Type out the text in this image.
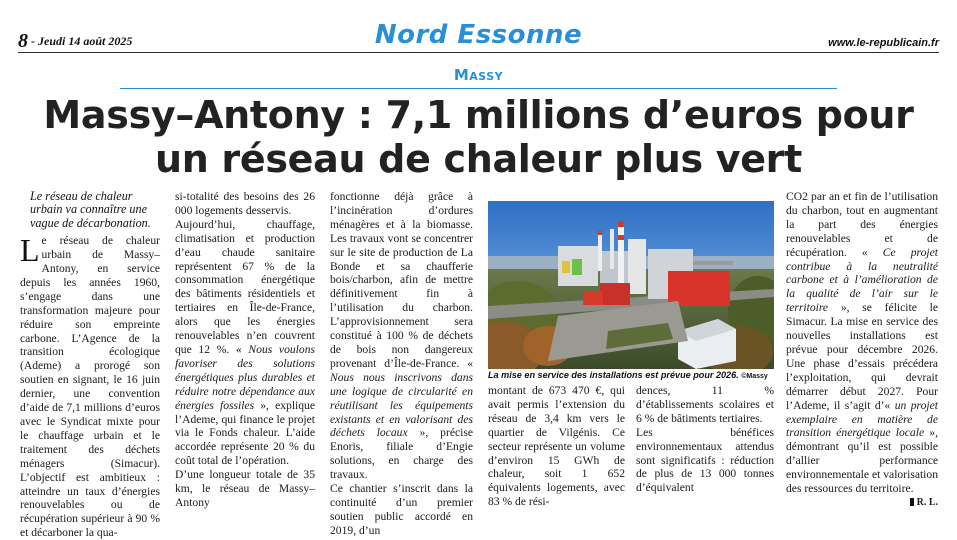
8 - Jeudi 14 août 2025	Nord Essonne	www.le-republicain.fr
Massy
Massy–Antony : 7,1 millions d’euros pour
un réseau de chaleur plus vert

Le réseau de chaleur urbain va connaître une vague de décarbonation.

Le réseau de chaleur urbain de Massy–Antony, en service depuis les années 1960, s’engage dans une transformation majeure pour réduire son empreinte carbone. L’Agence de la transition écologique (Ademe) a prorogé son soutien en signant, le 16 juin dernier, une convention d’aide de 7,1 millions d’euros avec le Syndicat mixte pour le chauffage urbain et le traitement des déchets ménagers (Simacur). L’objectif est ambitieux : atteindre un taux d’énergies renouvelables ou de récupération supérieur à 90 % et décarboner la qua-

si-totalité des besoins des 26 000 logements desservis.

Aujourd’hui, chauffage, climatisation et production d’eau chaude sanitaire représentent 67 % de la consommation énergétique des bâtiments résidentiels et tertiaires en Île-de-France, alors que les énergies renouvelables n’en couvrent que 12 %. « Nous voulons favoriser des solutions énergétiques plus durables et réduire notre dépendance aux énergies fossiles », explique l’Ademe, qui finance le projet via le Fonds chaleur. L’aide accordée représente 20 % du coût total de l’opération.

D’une longueur totale de 35 km, le réseau de Massy–Antony

fonctionne déjà grâce à l’incinération d’ordures ménagères et à la biomasse. Les travaux vont se concentrer sur le site de production de La Bonde et sa chaufferie bois/charbon, afin de mettre définitivement fin à l’utilisation du charbon. L’approvisionnement sera constitué à 100 % de déchets de bois non dangereux provenant d’Île-de-France. « Nous nous inscrivons dans une logique de circularité en réutilisant les équipements existants et en valorisant des déchets locaux », précise Enoris, filiale d’Engie solutions, en charge des travaux.

Ce chantier s’inscrit dans la continuité d’un premier soutien public accordé en 2019, d’un

La mise en service des installations est prévue pour 2026. ©Massy

montant de 673 470 €, qui avait permis l’extension du réseau de 3,4 km vers le quartier de Vilgénis. Ce secteur représente un volume d’environ 15 GWh de chaleur, soit 1 652 équivalents logements, avec 83 % de rési-

dences, 11 % d’établissements scolaires et 6 % de bâtiments tertiaires.

Les bénéfices environnementaux attendus sont significatifs : réduction de plus de 13 000 tonnes d’équivalent

CO2 par an et fin de l’utilisation du charbon, tout en augmentant la part des énergies renouvelables et de récupération. « Ce projet contribue à la neutralité carbone et à l’amélioration de la qualité de l’air sur le territoire », se félicite le Simacur. La mise en service des nouvelles installations est prévue pour décembre 2026. Une phase d’essais précédera l’exploitation, qui devrait démarrer début 2027. Pour l’Ademe, il s’agit d’« un projet exemplaire en matière de transition énergétique locale », démontrant qu’il est possible d’allier performance environnementale et valorisation des ressources du territoire.

R. L.
